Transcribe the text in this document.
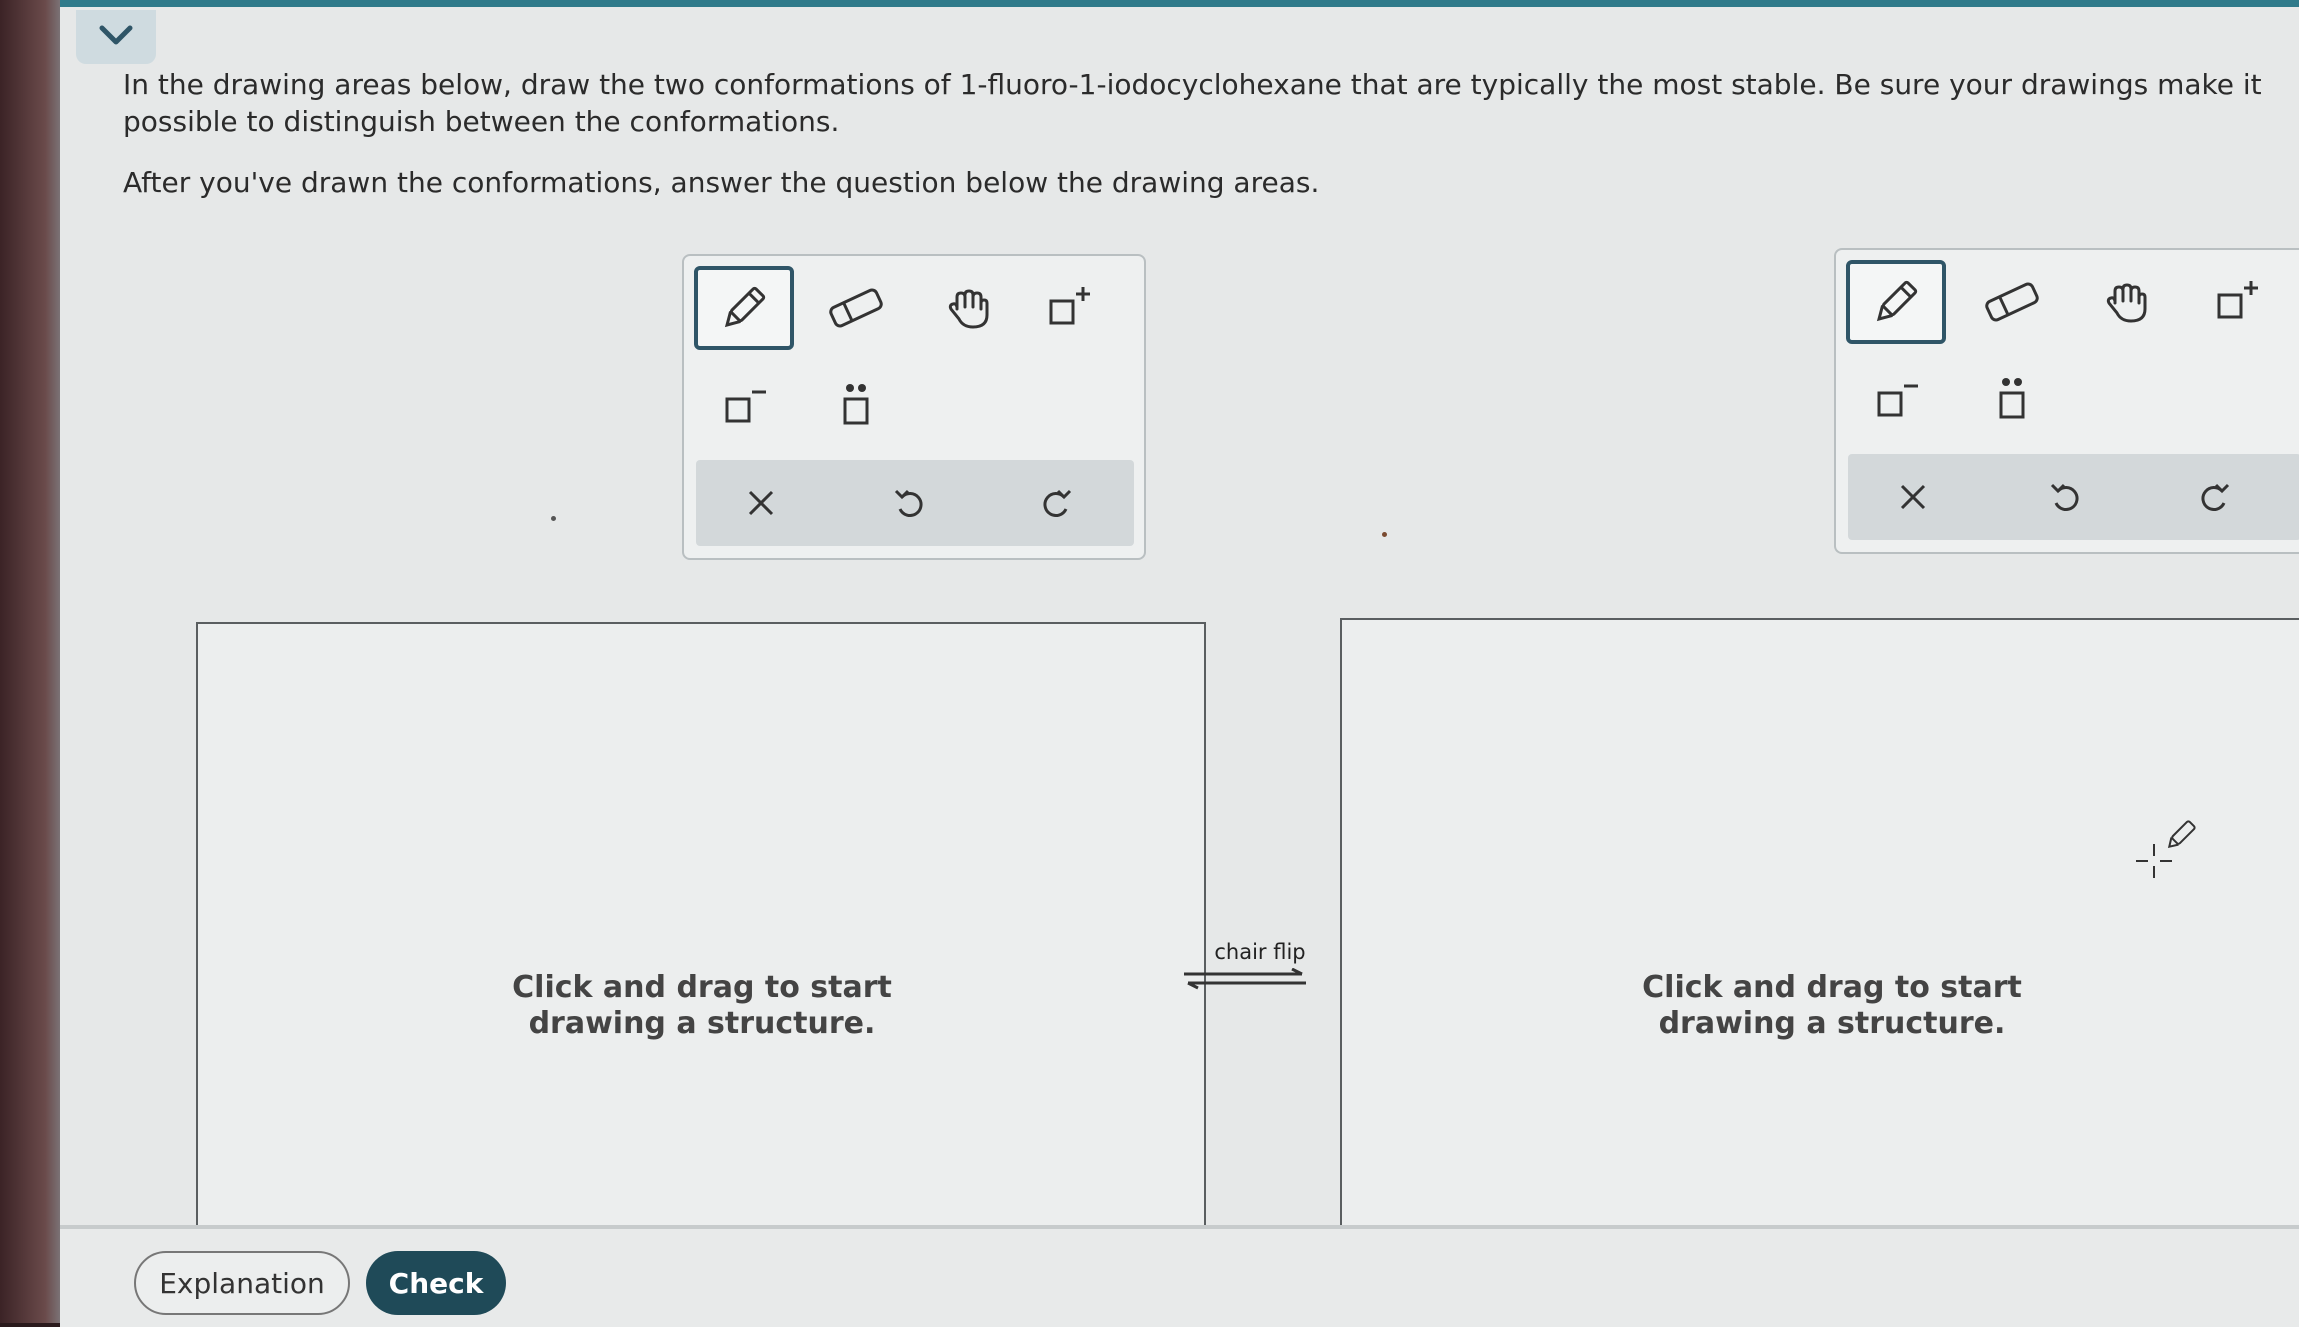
In the drawing areas below, draw the two conformations of 1-fluoro-1-iodocyclohexane that are typically the most stable. Be sure your drawings make it possible to distinguish between the conformations.

After you've drawn the conformations, answer the question below the drawing areas.

Click and drag to start
drawing a structure.
chair flip
Click and drag to start
drawing a structure.
Explanation	Check
